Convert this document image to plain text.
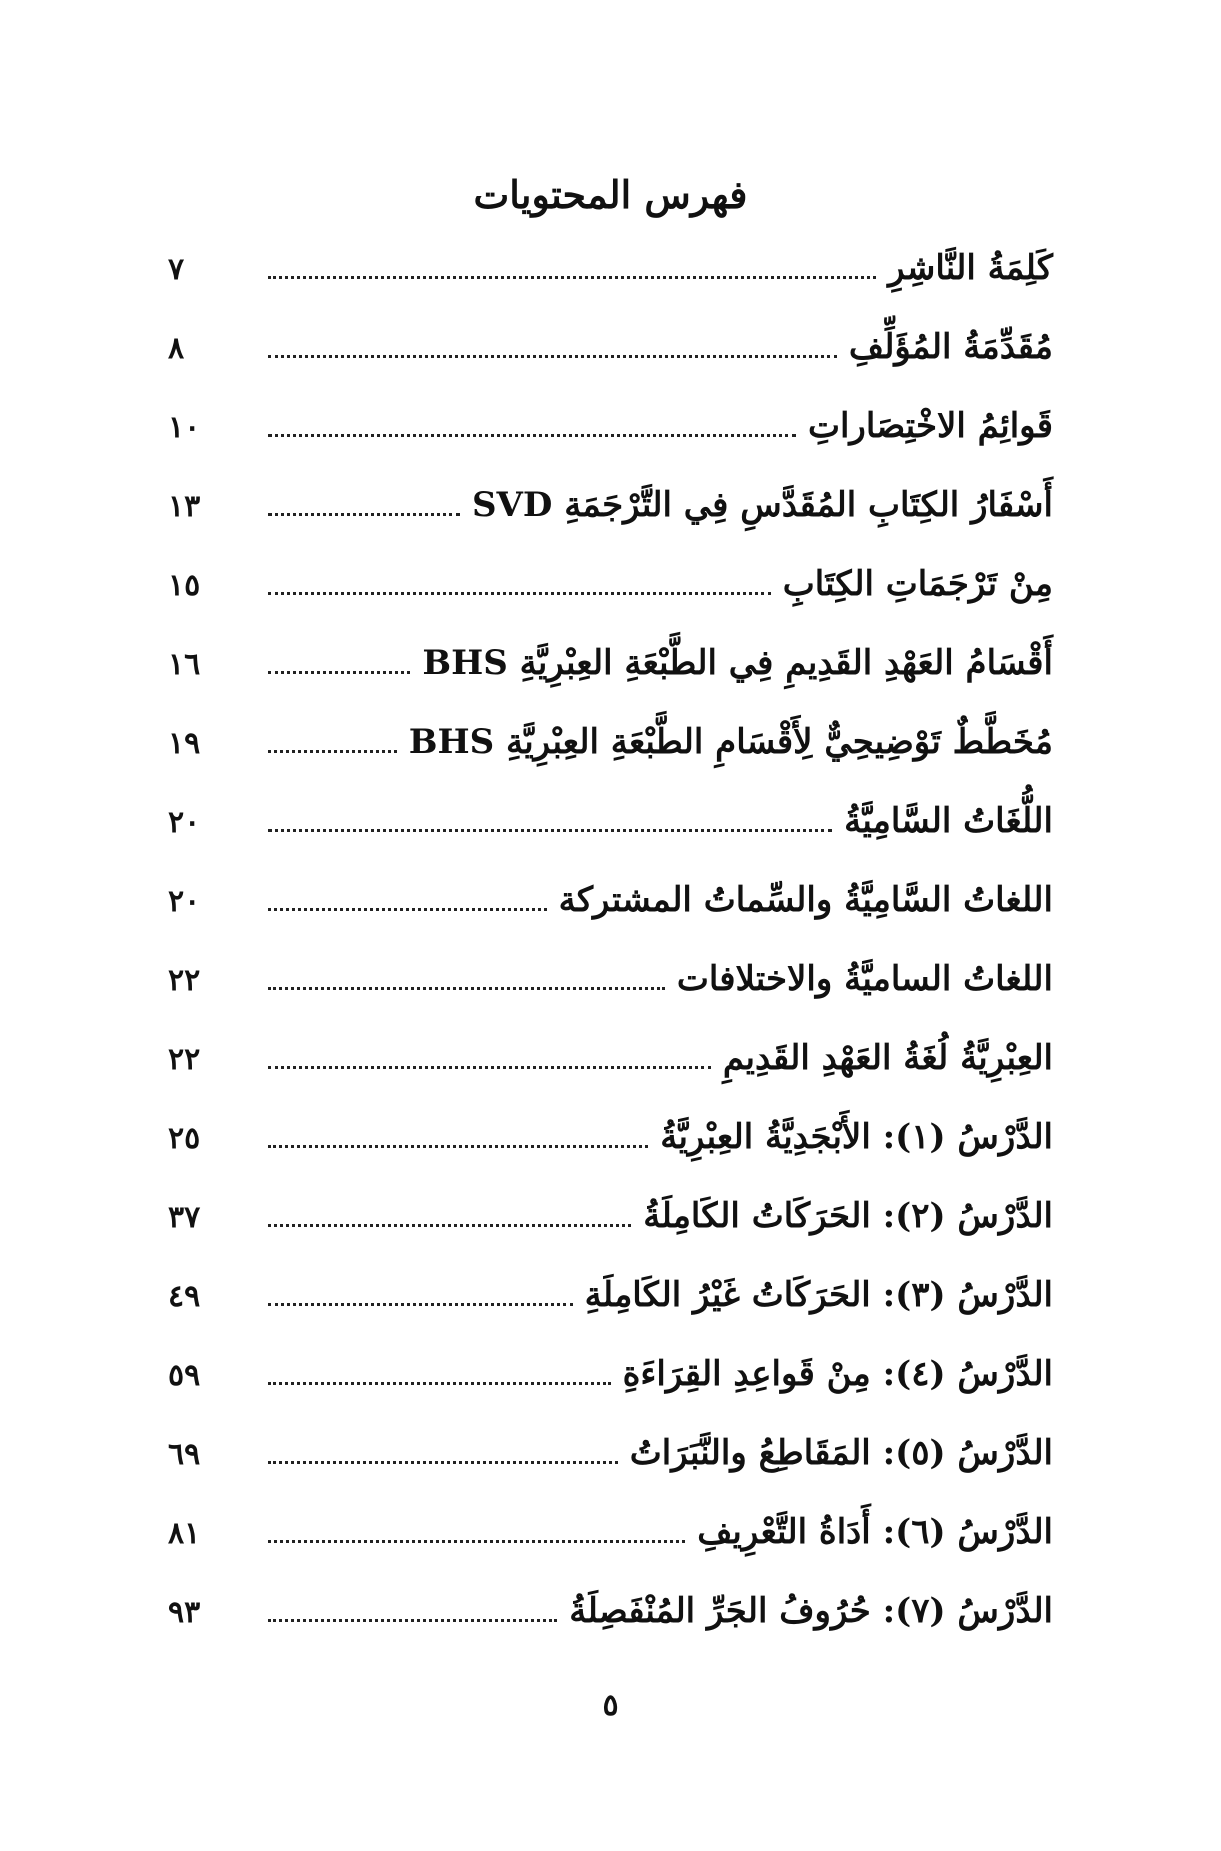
فهرس المحتويات
كَلِمَةُ النَّاشِرِ
٧
مُقَدِّمَةُ المُؤَلِّفِ
٨
قَوائِمُ الاخْتِصَاراتِ
١٠
أَسْفَارُ الكِتَابِ المُقَدَّسِ فِي التَّرْجَمَةِ SVD
١٣
مِنْ تَرْجَمَاتِ الكِتَابِ
١٥
أَقْسَامُ العَهْدِ القَدِيمِ فِي الطَّبْعَةِ العِبْرِيَّةِ BHS
١٦
مُخَطَّطٌ تَوْضِيحِيٌّ لِأَقْسَامِ الطَّبْعَةِ العِبْرِيَّةِ BHS
١٩
اللُّغَاتُ السَّامِيَّةُ
٢٠
اللغاتُ السَّامِيَّةُ والسِّماتُ المشتركة
٢٠
اللغاتُ الساميَّةُ والاختلافات
٢٢
العِبْرِيَّةُ لُغَةُ العَهْدِ القَدِيمِ
٢٢
الدَّرْسُ (١): الأَبْجَدِيَّةُ العِبْرِيَّةُ
٢٥
الدَّرْسُ (٢): الحَرَكَاتُ الكَامِلَةُ
٣٧
الدَّرْسُ (٣): الحَرَكَاتُ غَيْرُ الكَامِلَةِ
٤٩
الدَّرْسُ (٤): مِنْ قَواعِدِ القِرَاءَةِ
٥٩
الدَّرْسُ (٥): المَقَاطِعُ والنَّبَرَاتُ
٦٩
الدَّرْسُ (٦): أَدَاةُ التَّعْرِيفِ
٨١
الدَّرْسُ (٧): حُرُوفُ الجَرِّ المُنْفَصِلَةُ
٩٣
٥
